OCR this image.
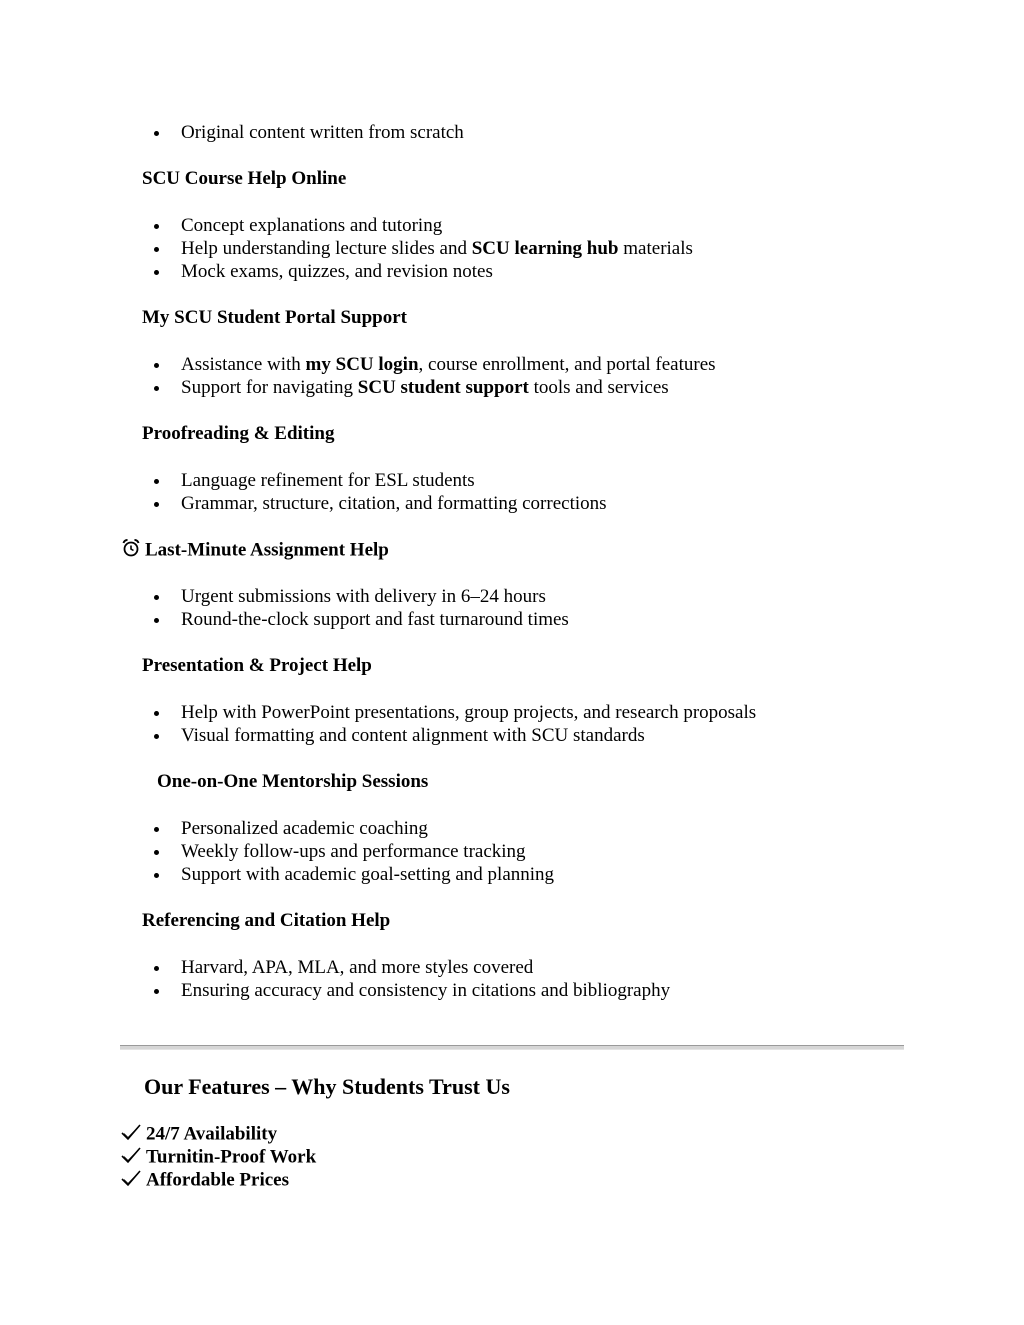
Original content written from scratch
SCU Course Help Online
Concept explanations and tutoring
Help understanding lecture slides and SCU learning hub materials
Mock exams, quizzes, and revision notes
My SCU Student Portal Support
Assistance with my SCU login, course enrollment, and portal features
Support for navigating SCU student support tools and services
Proofreading & Editing
Language refinement for ESL students
Grammar, structure, citation, and formatting corrections
Last-Minute Assignment Help
Urgent submissions with delivery in 6–24 hours
Round-the-clock support and fast turnaround times
Presentation & Project Help
Help with PowerPoint presentations, group projects, and research proposals
Visual formatting and content alignment with SCU standards
One-on-One Mentorship Sessions
Personalized academic coaching
Weekly follow-ups and performance tracking
Support with academic goal-setting and planning
Referencing and Citation Help
Harvard, APA, MLA, and more styles covered
Ensuring accuracy and consistency in citations and bibliography
Our Features – Why Students Trust Us
24/7 Availability
Turnitin-Proof Work
Affordable Prices
